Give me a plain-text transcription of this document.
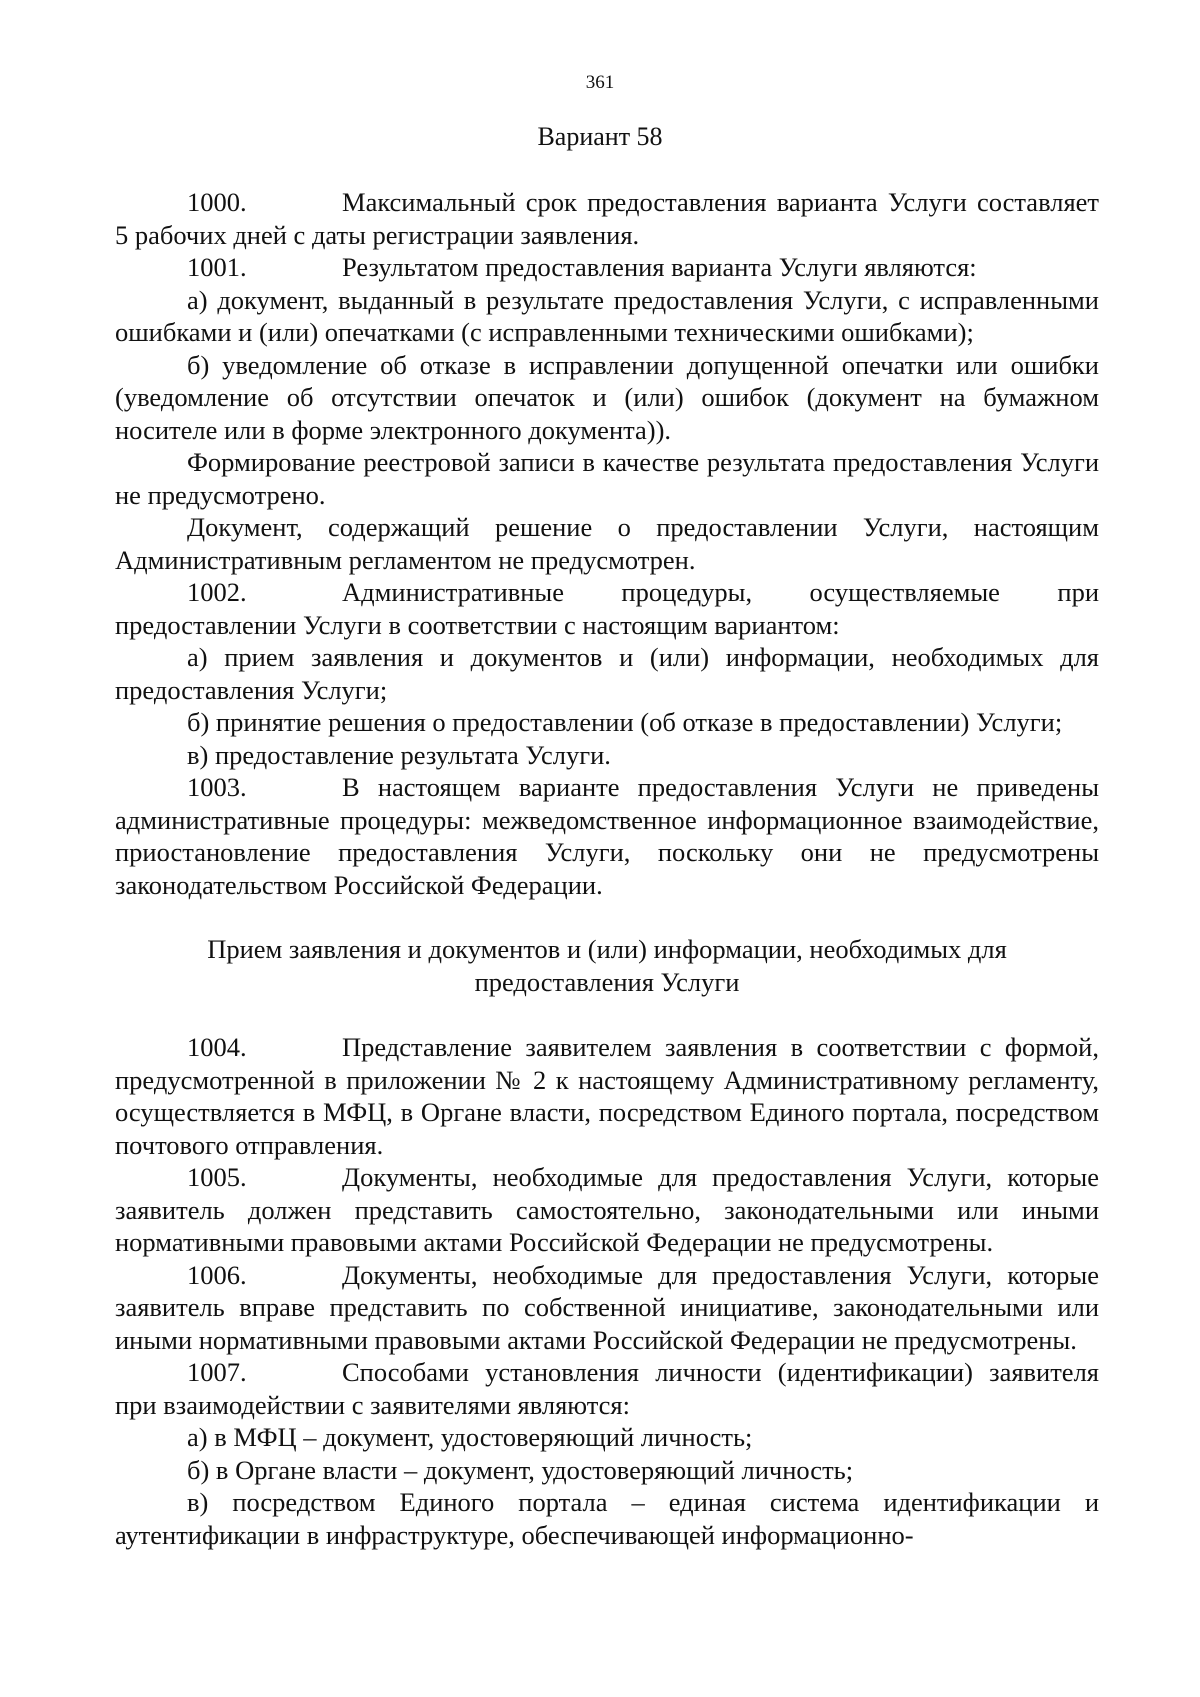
361
Вариант 58

1000.	Максимальный срок предоставления варианта Услуги составляет 5 рабочих дней с даты регистрации заявления.

1001.	Результатом предоставления варианта Услуги являются:

а) документ, выданный в результате предоставления Услуги, с исправленными ошибками и (или) опечатками (с исправленными техническими ошибками);

б) уведомление об отказе в исправлении допущенной опечатки или ошибки (уведомление об отсутствии опечаток и (или) ошибок (документ на бумажном носителе или в форме электронного документа)).

Формирование реестровой записи в качестве результата предоставления Услуги не предусмотрено.

Документ, содержащий решение о предоставлении Услуги, настоящим Административным регламентом не предусмотрен.

1002.	Административные процедуры, осуществляемые при предоставлении Услуги в соответствии с настоящим вариантом:

а) прием заявления и документов и (или) информации, необходимых для предоставления Услуги;

б) принятие решения о предоставлении (об отказе в предоставлении) Услуги;

в) предоставление результата Услуги.

1003.	В настоящем варианте предоставления Услуги не приведены административные процедуры: межведомственное информационное взаимодействие, приостановление предоставления Услуги, поскольку они не предусмотрены законодательством Российской Федерации.

Прием заявления и документов и (или) информации, необходимых для
предоставления Услуги

1004.	Представление заявителем заявления в соответствии с формой, предусмотренной в приложении № 2 к настоящему Административному регламенту, осуществляется в МФЦ, в Органе власти, посредством Единого портала, посредством почтового отправления.

1005.	Документы, необходимые для предоставления Услуги, которые заявитель должен представить самостоятельно, законодательными или иными нормативными правовыми актами Российской Федерации не предусмотрены.

1006.	Документы, необходимые для предоставления Услуги, которые заявитель вправе представить по собственной инициативе, законодательными или иными нормативными правовыми актами Российской Федерации не предусмотрены.

1007.	Способами установления личности (идентификации) заявителя при взаимодействии с заявителями являются:

а) в МФЦ – документ, удостоверяющий личность;

б) в Органе власти – документ, удостоверяющий личность;

в) посредством Единого портала – единая система идентификации и аутентификации в инфраструктуре, обеспечивающей информационно-
